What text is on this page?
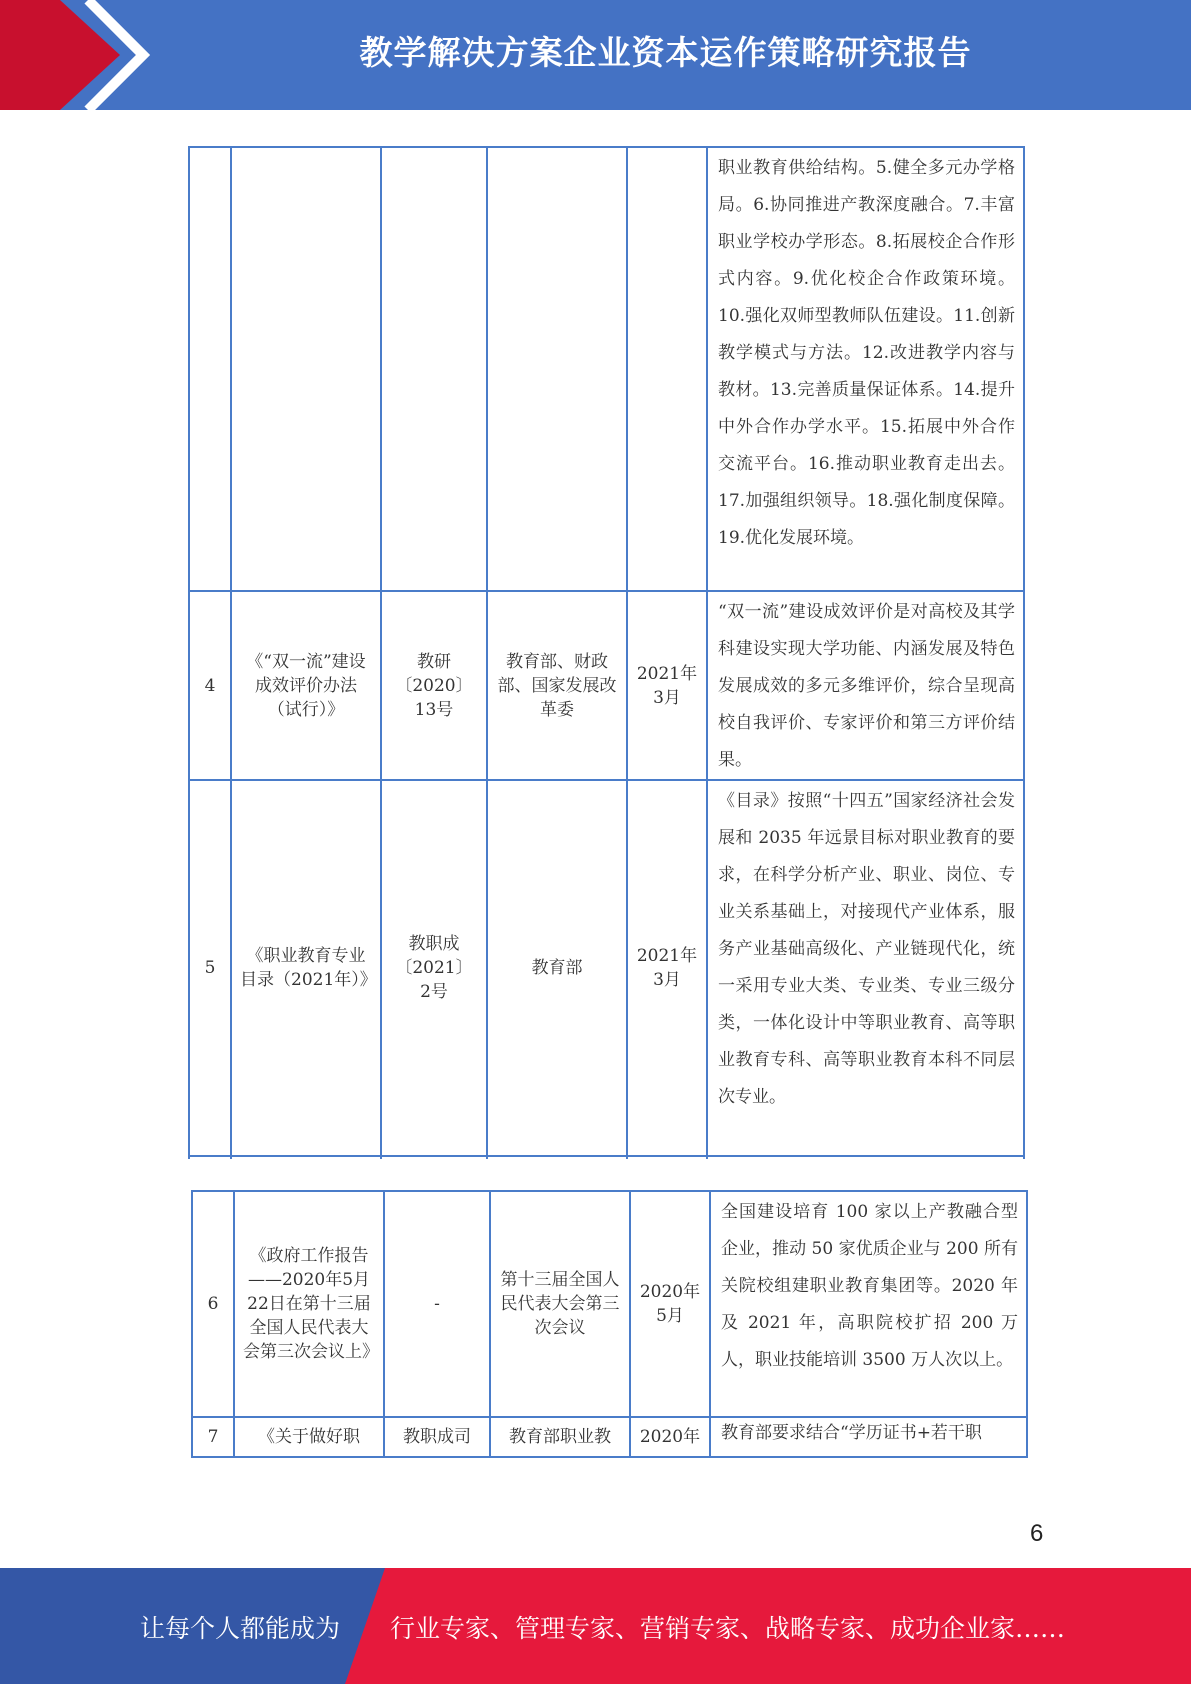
教学解决方案企业资本运作策略研究报告
					职业教育供给结构。5.健全多元办学格局。6.协同推进产教深度融合。7.丰富职业学校办学形态。8.拓展校企合作形式内容。9.优化校企合作政策环境。10.强化双师型教师队伍建设。11.创新教学模式与方法。12.改进教学内容与教材。13.完善质量保证体系。14.提升中外合作办学水平。15.拓展中外合作交流平台。16.推动职业教育走出去。17.加强组织领导。18.强化制度保障。19.优化发展环境。
4	《“双一流”建设成效评价办法（试行）》	教研〔2020〕13号	教育部、财政部、国家发展改革委	2021年3月	“双一流”建设成效评价是对高校及其学科建设实现大学功能、内涵发展及特色发展成效的多元多维评价，综合呈现高校自我评价、专家评价和第三方评价结果。
5	《职业教育专业目录（2021年）》	教职成〔2021〕2号	教育部	2021年3月	《目录》按照“十四五”国家经济社会发展和 2035 年远景目标对职业教育的要求，在科学分析产业、职业、岗位、专业关系基础上，对接现代产业体系，服务产业基础高级化、产业链现代化，统一采用专业大类、专业类、专业三级分类，一体化设计中等职业教育、高等职业教育专科、高等职业教育本科不同层次专业。

6	《政府工作报告——2020年5月22日在第十三届全国人民代表大会第三次会议上》	-	第十三届全国人民代表大会第三次会议	2020年5月	全国建设培育 100 家以上产教融合型企业，推动 50 家优质企业与 200 所有关院校组建职业教育集团等。2020 年及 2021 年，高职院校扩招 200 万人，职业技能培训 3500 万人次以上。
7	《关于做好职	教职成司	教育部职业教	2020年	教育部要求结合“学历证书+若干职
6
让每个人都能成为	行业专家、管理专家、营销专家、战略专家、成功企业家……
